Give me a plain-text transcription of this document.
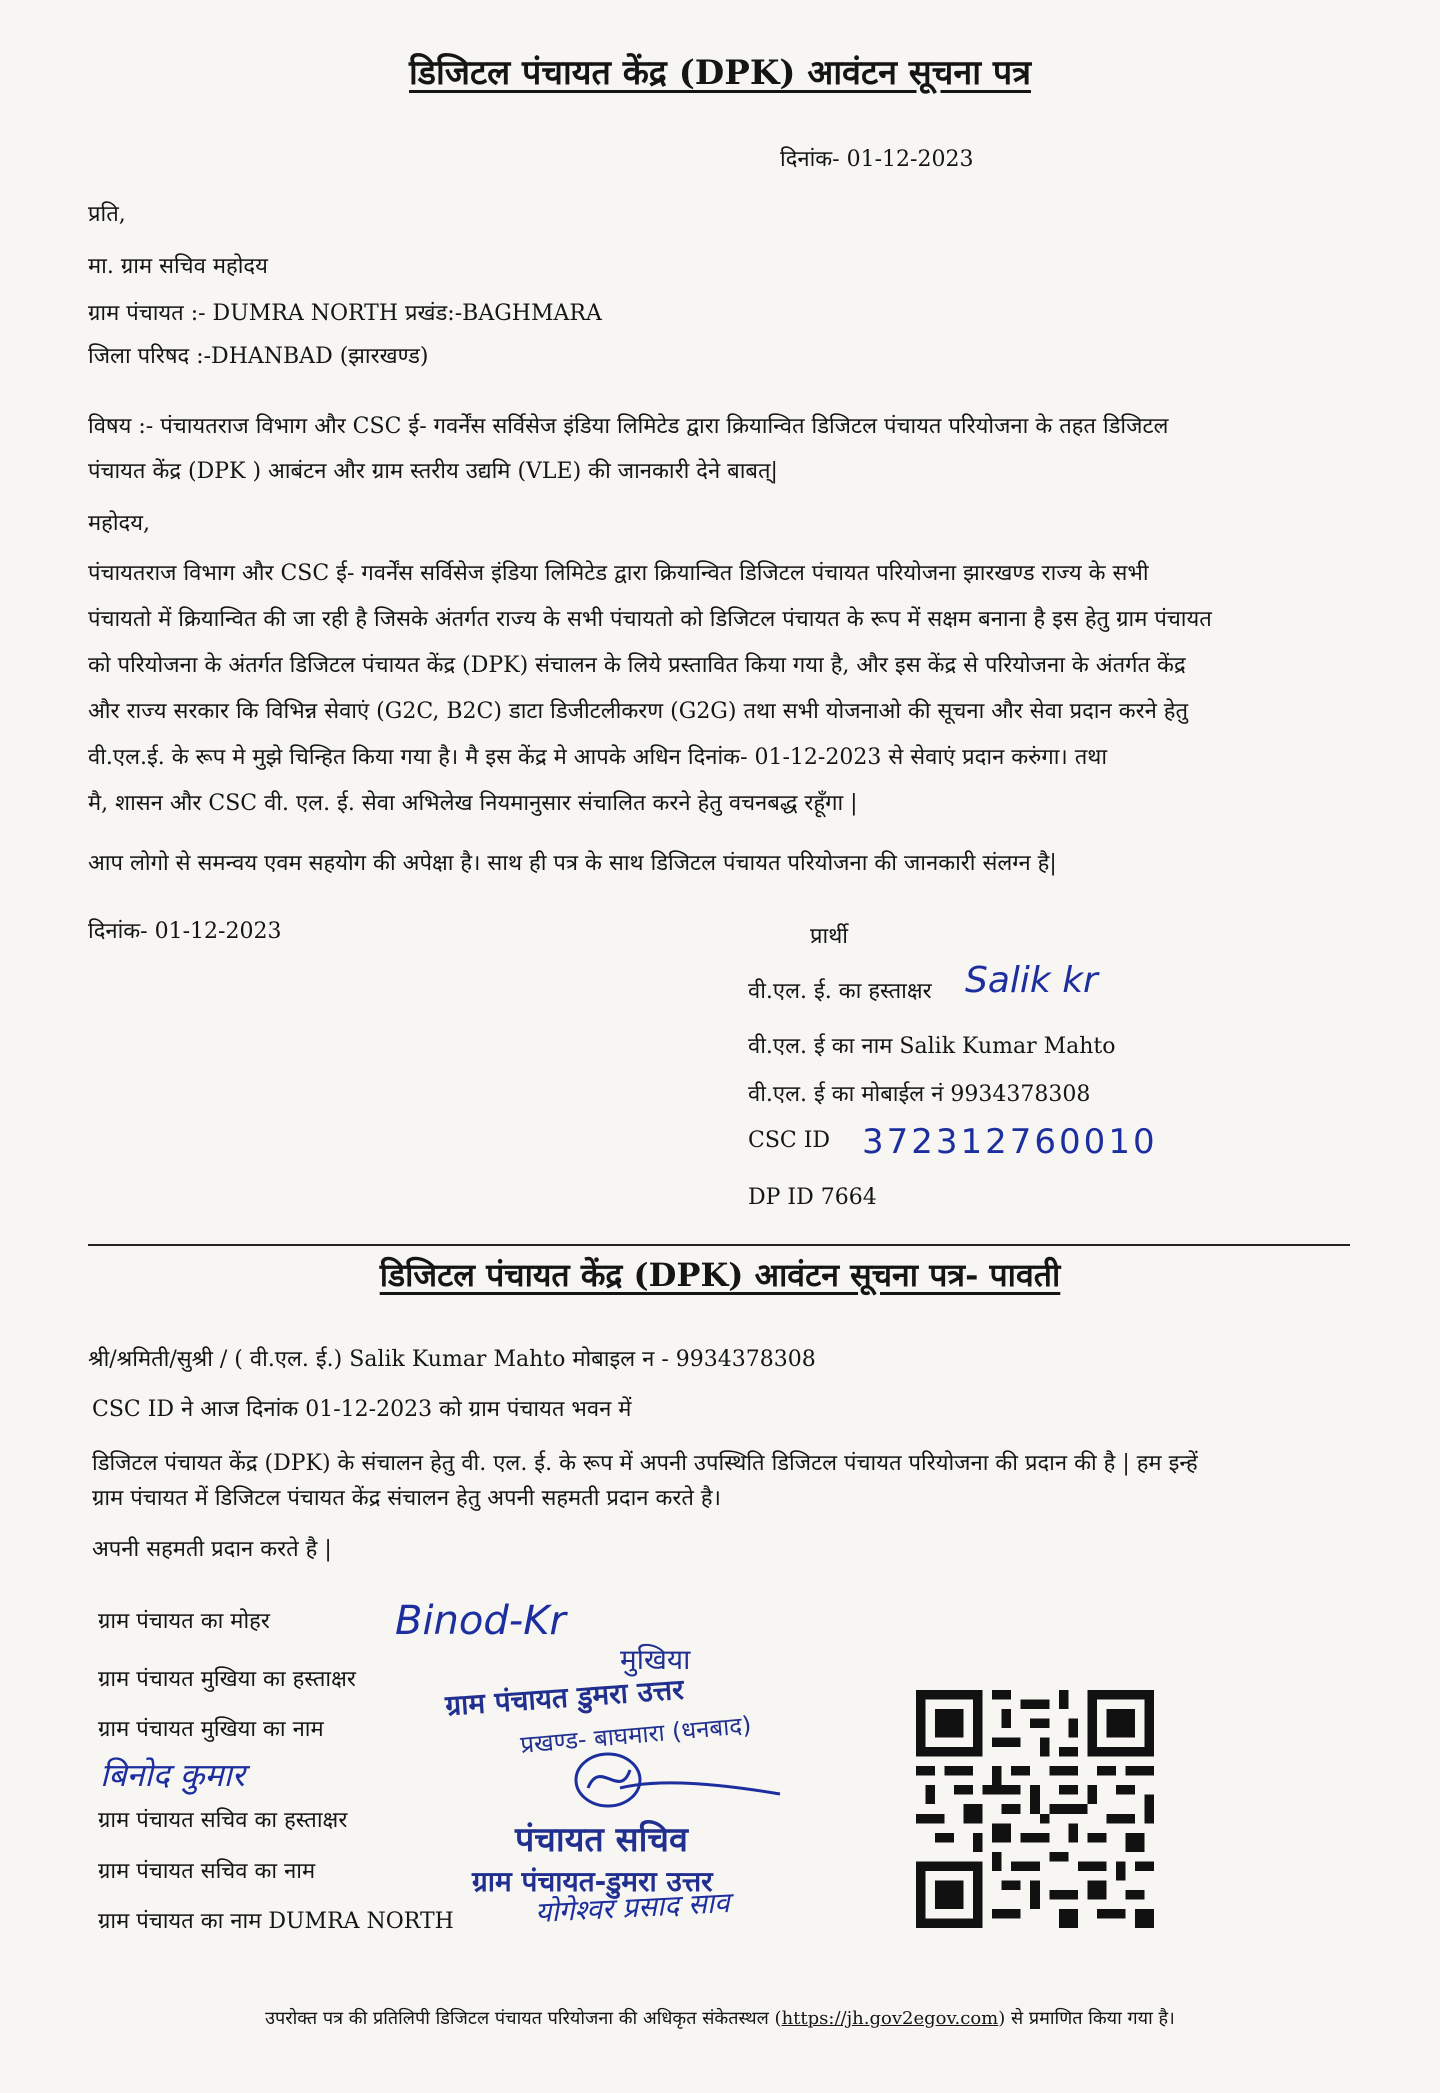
डिजिटल पंचायत केंद्र (DPK) आवंटन सूचना पत्र
दिनांक- 01-12-2023
प्रति,
मा. ग्राम सचिव महोदय
ग्राम पंचायत :- DUMRA NORTH प्रखंड:-BAGHMARA
जिला परिषद :-DHANBAD (झारखण्ड)
विषय :- पंचायतराज विभाग और CSC ई- गवर्नेंस सर्विसेज इंडिया लिमिटेड द्वारा क्रियान्वित डिजिटल पंचायत परियोजना के तहत डिजिटल
पंचायत केंद्र (DPK ) आबंटन और ग्राम स्तरीय उद्यमि (VLE) की जानकारी देने बाबत्|
महोदय,
पंचायतराज विभाग और CSC ई- गवर्नेंस सर्विसेज इंडिया लिमिटेड द्वारा क्रियान्वित डिजिटल पंचायत परियोजना झारखण्ड राज्य के सभी
पंचायतो में क्रियान्वित की जा रही है जिसके अंतर्गत राज्य के सभी पंचायतो को डिजिटल पंचायत के रूप में सक्षम बनाना है इस हेतु ग्राम पंचायत
को परियोजना के अंतर्गत डिजिटल पंचायत केंद्र (DPK) संचालन के लिये प्रस्तावित किया गया है, और इस केंद्र से परियोजना के अंतर्गत केंद्र
और राज्य सरकार कि विभिन्न सेवाएं (G2C, B2C) डाटा डिजीटलीकरण (G2G) तथा सभी योजनाओ की सूचना और सेवा प्रदान करने हेतु
वी.एल.ई. के रूप मे मुझे चिन्हित किया गया है। मै इस केंद्र मे आपके अधिन दिनांक- 01-12-2023 से सेवाएं प्रदान करुंगा। तथा
मै, शासन और CSC वी. एल. ई. सेवा अभिलेख नियमानुसार संचालित करने हेतु वचनबद्ध रहूँगा |
आप लोगो से समन्वय एवम सहयोग की अपेक्षा है। साथ ही पत्र के साथ डिजिटल पंचायत परियोजना की जानकारी संलग्न है|
दिनांक- 01-12-2023	प्रार्थी
वी.एल. ई. का हस्ताक्षर Salik kr
वी.एल. ई का नाम Salik Kumar Mahto
वी.एल. ई का मोबाईल नं 9934378308
CSC ID 372312760010
DP ID 7664
डिजिटल पंचायत केंद्र (DPK) आवंटन सूचना पत्र- पावती
श्री/श्रमिती/सुश्री / ( वी.एल. ई.) Salik Kumar Mahto मोबाइल न - 9934378308
CSC ID ने आज दिनांक 01-12-2023 को ग्राम पंचायत भवन में
डिजिटल पंचायत केंद्र (DPK) के संचालन हेतु वी. एल. ई. के रूप में अपनी उपस्थिति डिजिटल पंचायत परियोजना की प्रदान की है | हम इन्हें
ग्राम पंचायत में डिजिटल पंचायत केंद्र संचालन हेतु अपनी सहमती प्रदान करते है।
अपनी सहमती प्रदान करते है |
ग्राम पंचायत का मोहर
ग्राम पंचायत मुखिया का हस्ताक्षर
ग्राम पंचायत मुखिया का नाम
बिनोद कुमार
ग्राम पंचायत सचिव का हस्ताक्षर
ग्राम पंचायत सचिव का नाम
ग्राम पंचायत का नाम DUMRA NORTH
Binod-Kr
मुखिया
ग्राम पंचायत डुमरा उत्तर
प्रखण्ड- बाघमारा (धनबाद)
पंचायत सचिव
ग्राम पंचायत-डुमरा उत्तर
योगेश्वर प्रसाद साव
उपरोक्त पत्र की प्रतिलिपी डिजिटल पंचायत परियोजना की अधिकृत संकेतस्थल (https://jh.gov2egov.com) से प्रमाणित किया गया है।
